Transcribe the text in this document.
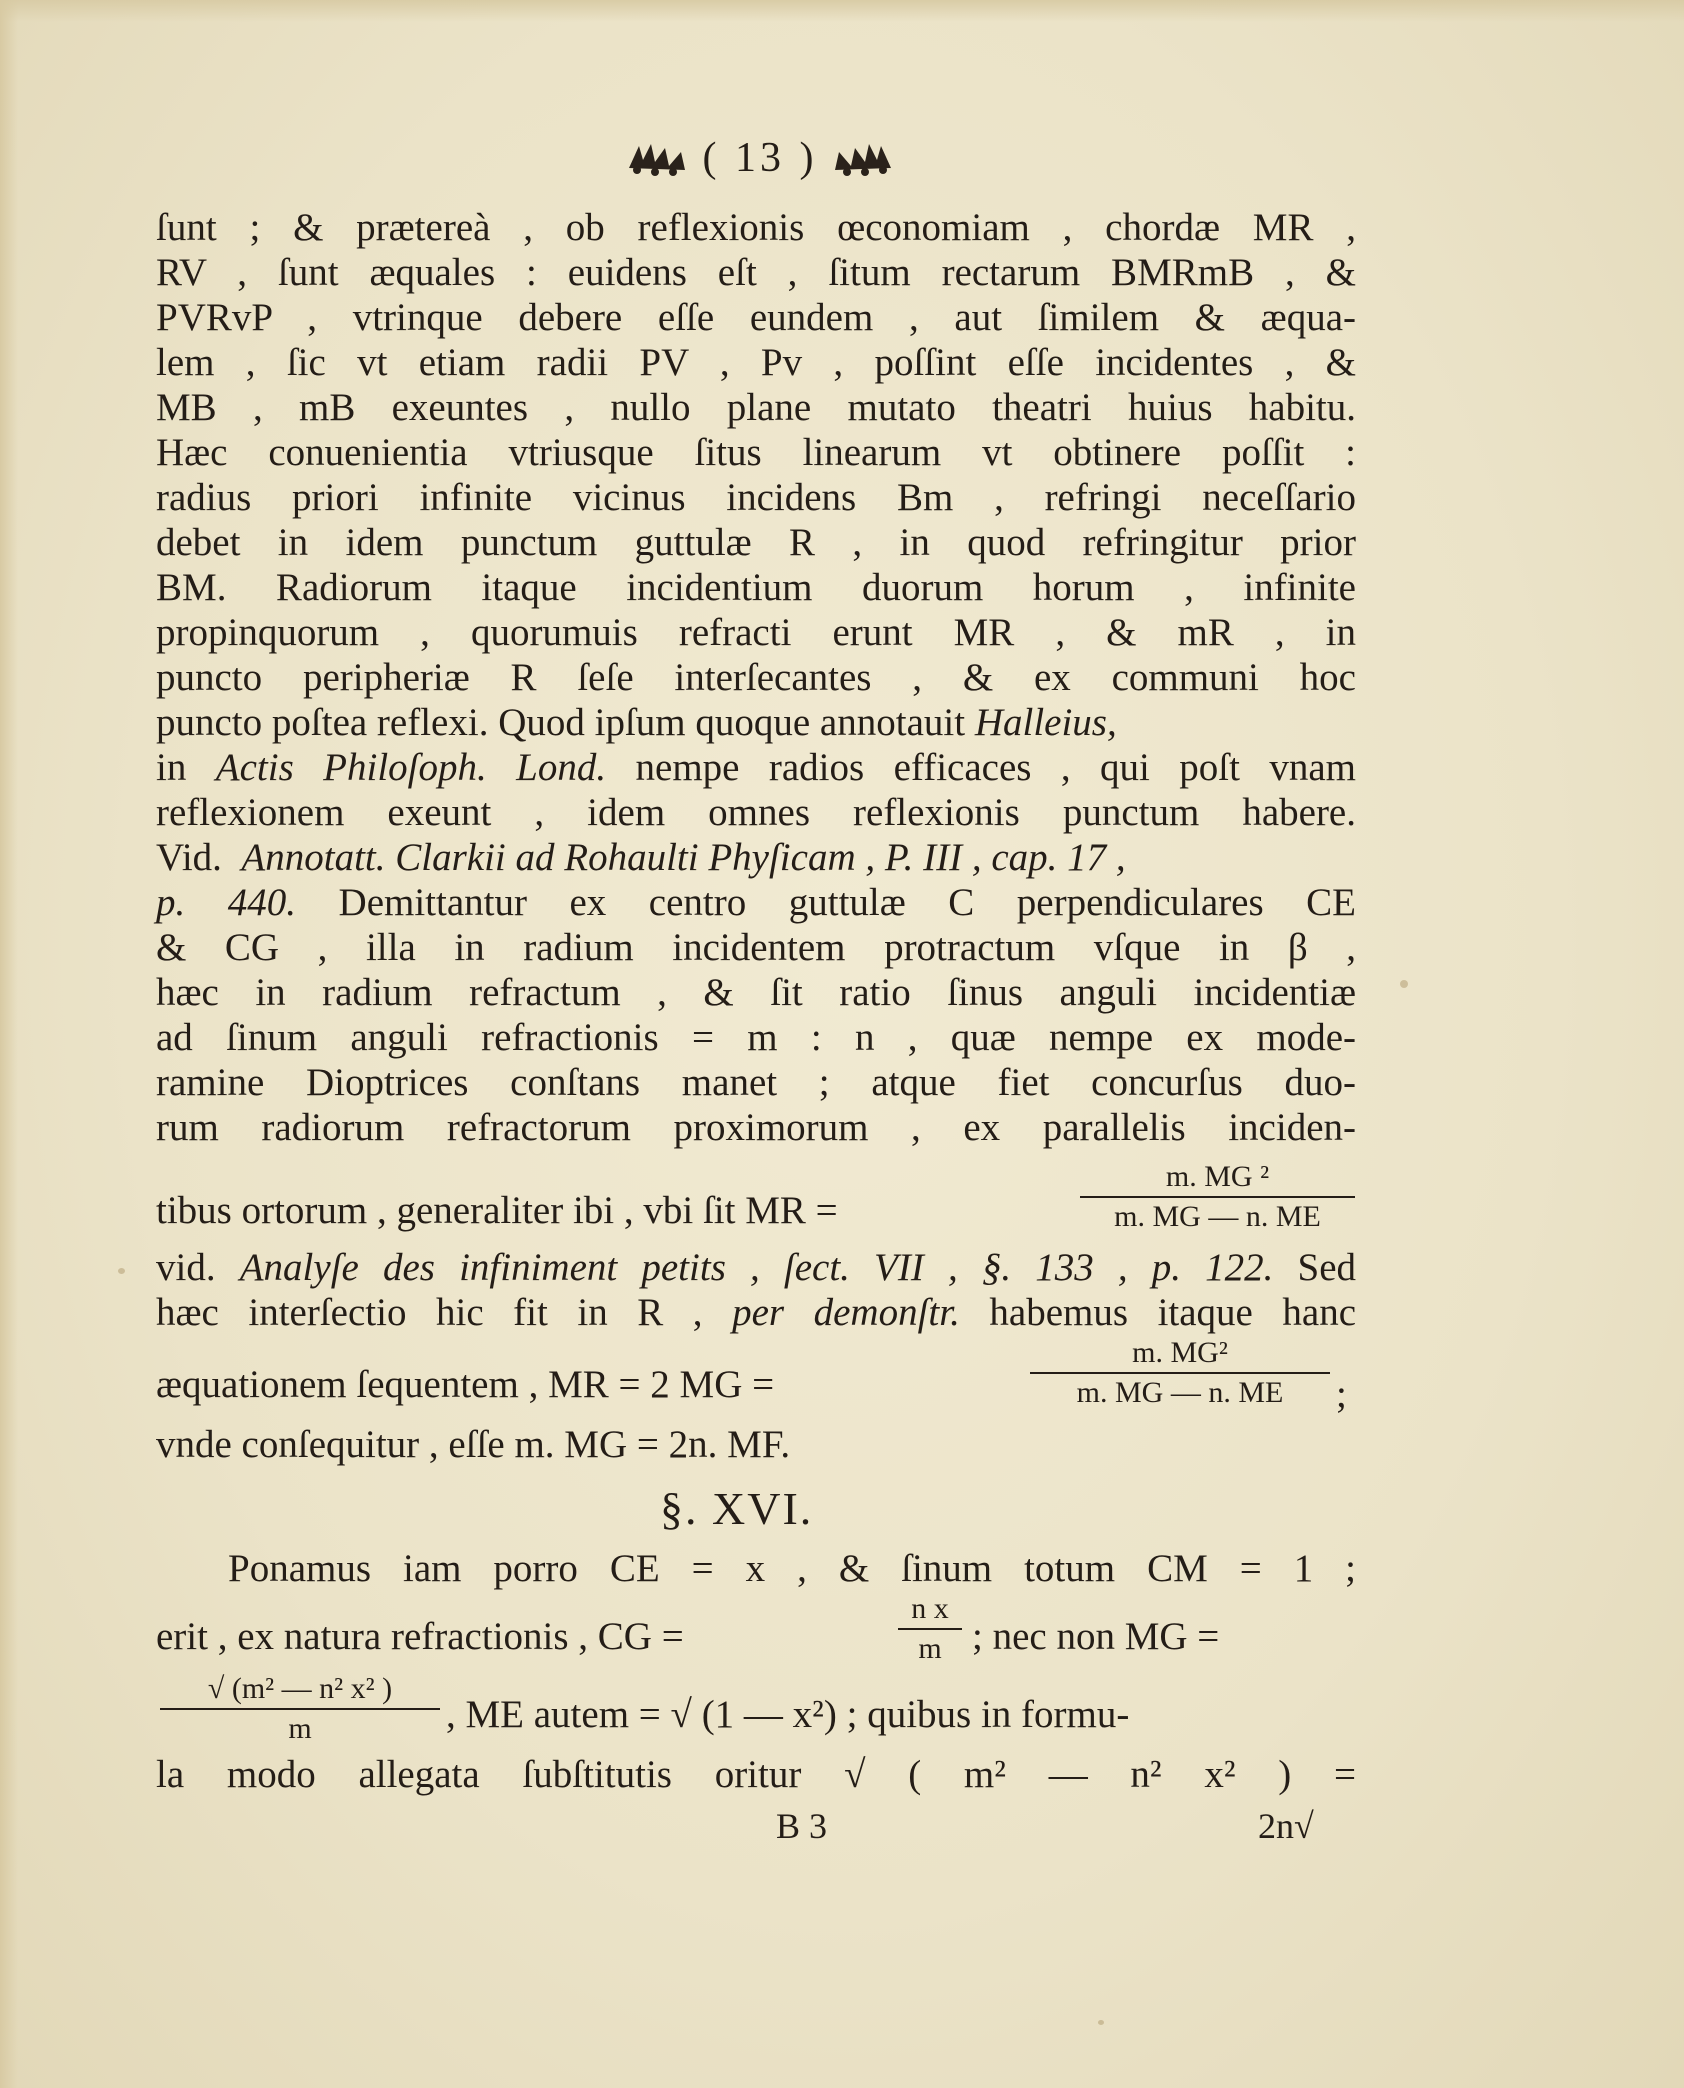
( 13 )
ſunt ; & prætereà , ob reflexionis œconomiam , chordæ MR ,
RV , ſunt æquales : euidens eſt , ſitum rectarum BMRmB , &
PVRvP , vtrinque debere eſſe eundem , aut ſimilem & æqua-
lem , ſic vt etiam radii PV , Pv , poſſint eſſe incidentes , &
MB , mB exeuntes , nullo plane mutato theatri huius habitu.
Hæc conuenientia vtriusque ſitus linearum vt obtinere poſſit :
radius priori infinite vicinus incidens Bm , refringi neceſſario
debet in idem punctum guttulæ R , in quod refringitur prior
BM. Radiorum itaque incidentium duorum horum , infinite
propinquorum , quorumuis refracti erunt MR , & mR , in
puncto peripheriæ R ſeſe interſecantes , & ex communi hoc
puncto poſtea reflexi. Quod ipſum quoque annotauit Halleius,
in Actis Philoſoph. Lond. nempe radios efficaces , qui poſt vnam
reflexionem exeunt , idem omnes reflexionis punctum habere.
Vid. Annotatt. Clarkii ad Rohaulti Phyſicam , P. III , cap. 17 ,
p. 440. Demittantur ex centro guttulæ C perpendiculares CE
& CG , illa in radium incidentem protractum vſque in β ,
hæc in radium refractum , & ſit ratio ſinus anguli incidentiæ
ad ſinum anguli refractionis = m : n , quæ nempe ex mode-
ramine Dioptrices conſtans manet ; atque fiet concurſus duo-
rum radiorum refractorum proximorum , ex parallelis inciden-
tibus ortorum , generaliter ibi , vbi ſit MR =
m. MG ²
m. MG — n. ME
vid. Analyſe des infiniment petits , ſect. VII , §. 133 , p. 122. Sed
hæc interſectio hic fit in R , per demonſtr. habemus itaque hanc
æquationem ſequentem , MR = 2 MG =
m. MG²
m. MG — n. ME	;
vnde conſequitur , eſſe m. MG = 2n. MF.
§. XVI.
Ponamus iam porro CE = x , & ſinum totum CM = 1 ;
erit , ex natura refractionis , CG =
n x
m ; nec non MG =
√ (m² — n² x² )
m	, ME autem = √ (1 — x²) ; quibus in formu-
la modo allegata ſubſtitutis oritur √ ( m² — n² x² ) =
B 3	2n√
